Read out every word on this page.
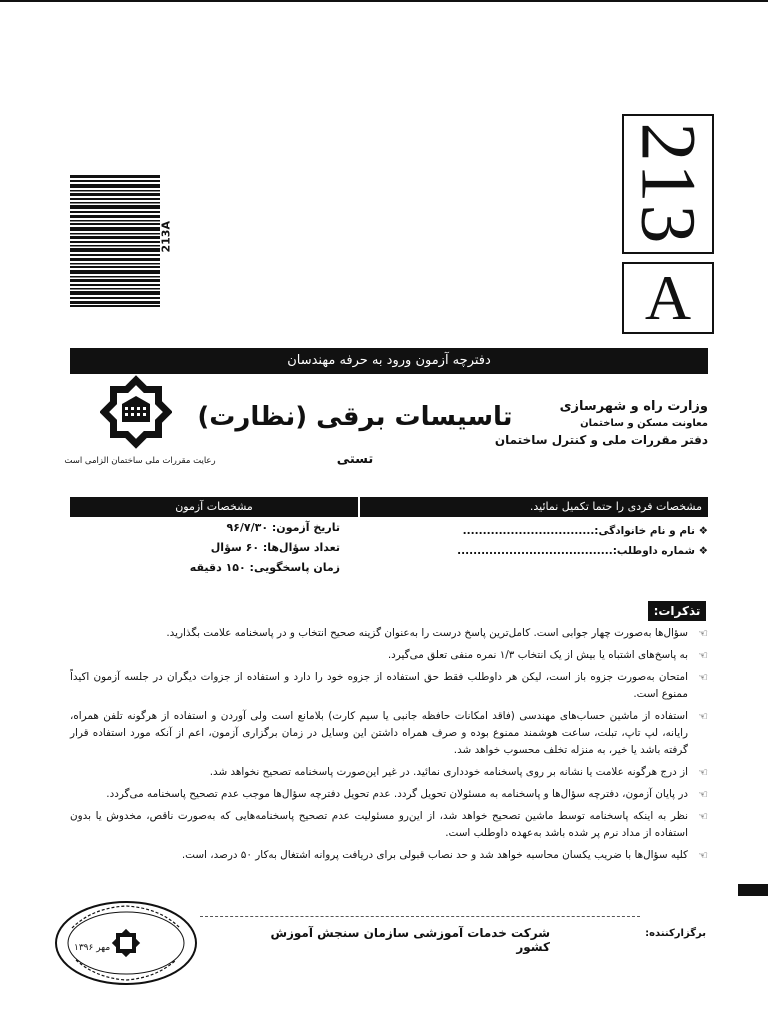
213A	213
A
دفترچه آزمون ورود به حرفه مهندسان
وزارت راه و شهرسازی
معاونت مسکن و ساختمان
دفتر مقررات ملی و کنترل ساختمان
تاسیسات برقی (نظارت)
تستی
رعایت مقررات ملی ساختمان الزامی است
مشخصات فردی را حتما تکمیل نمائید.
مشخصات آزمون
❖ نام و نام خانوادگی:.................................
❖ شماره داوطلب:.......................................
تاریخ آزمون: ۹۶/۷/۳۰
تعداد سؤال‌ها: ۶۰ سؤال
زمان پاسخگویی: ۱۵۰ دقیقه
تذکرات:
☜
سؤال‌ها به‌صورت چهار جوابی است. کامل‌ترین پاسخ درست را به‌عنوان گزینه صحیح انتخاب و در پاسخنامه علامت بگذارید.
☜
به پاسخ‌های اشتباه یا بیش از یک انتخاب ۱/۳ نمره منفی تعلق می‌گیرد.
☜
امتحان به‌صورت جزوه باز است، لیکن هر داوطلب فقط حق استفاده از جزوه خود را دارد و استفاده از جزوات دیگران در جلسه آزمون اکیداً ممنوع است.
☜
استفاده از ماشین حساب‌های مهندسی (فاقد امکانات حافظه جانبی یا سیم کارت) بلامانع است ولی آوردن و استفاده از هرگونه تلفن همراه، رایانه، لپ تاپ، تبلت، ساعت هوشمند ممنوع بوده و صرف همراه داشتن این وسایل در زمان برگزاری آزمون، اعم از آنکه مورد استفاده قرار گرفته باشد یا خیر، به منزله تخلف محسوب خواهد شد.
☜
از درج هرگونه علامت یا نشانه بر روی پاسخنامه خودداری نمائید. در غیر این‌صورت پاسخنامه تصحیح نخواهد شد.
☜
در پایان آزمون، دفترچه سؤال‌ها و پاسخنامه به مسئولان تحویل گردد. عدم تحویل دفترچه سؤال‌ها موجب عدم تصحیح پاسخنامه می‌گردد.
☜
نظر به اینکه پاسخنامه توسط ماشین تصحیح خواهد شد، از این‌رو مسئولیت عدم تصحیح پاسخنامه‌هایی که به‌صورت ناقص، مخدوش یا بدون استفاده از مداد نرم پر شده باشد به‌عهده داوطلب است.
☜
کلیه سؤال‌ها با ضریب یکسان محاسبه خواهد شد و حد نصاب قبولی برای دریافت پروانه اشتغال به‌کار ۵۰ درصد، است.
برگزارکننده:
شرکت خدمات آموزشی سازمان سنجش آموزش کشور
مهر ۱۳۹۶
